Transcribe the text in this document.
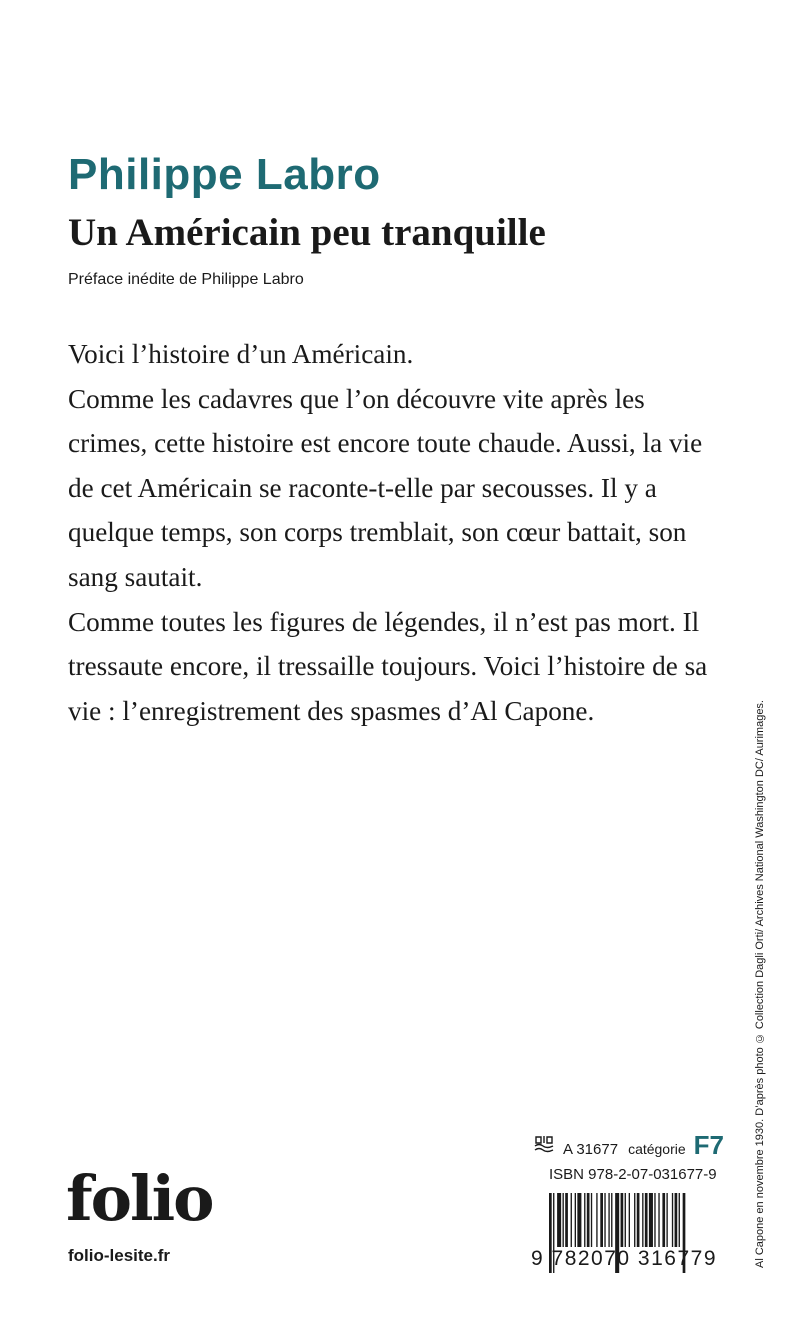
Philippe Labro
Un Américain peu tranquille
Préface inédite de Philippe Labro

Voici l’histoire d’un Américain.

Comme les cadavres que l’on découvre vite après les crimes, cette histoire est encore toute chaude. Aussi, la vie de cet Américain se raconte-t-elle par secousses. Il y a quelque temps, son corps tremblait, son cœur battait, son sang sautait.

Comme toutes les figures de légendes, il n’est pas mort. Il tressaute encore, il tressaille toujours. Voici l’histoire de sa vie : l’enregistrement des spasmes d’Al Capone.	Al Capone en novembre 1930. D’après photo © Collection Dagli Orti/ Archives National Washington DC/ Aurimages.
A 31677 catégorie F7
ISBN 978-2-07-031677-9
9 782070 316779
folio
folio-lesite.fr
